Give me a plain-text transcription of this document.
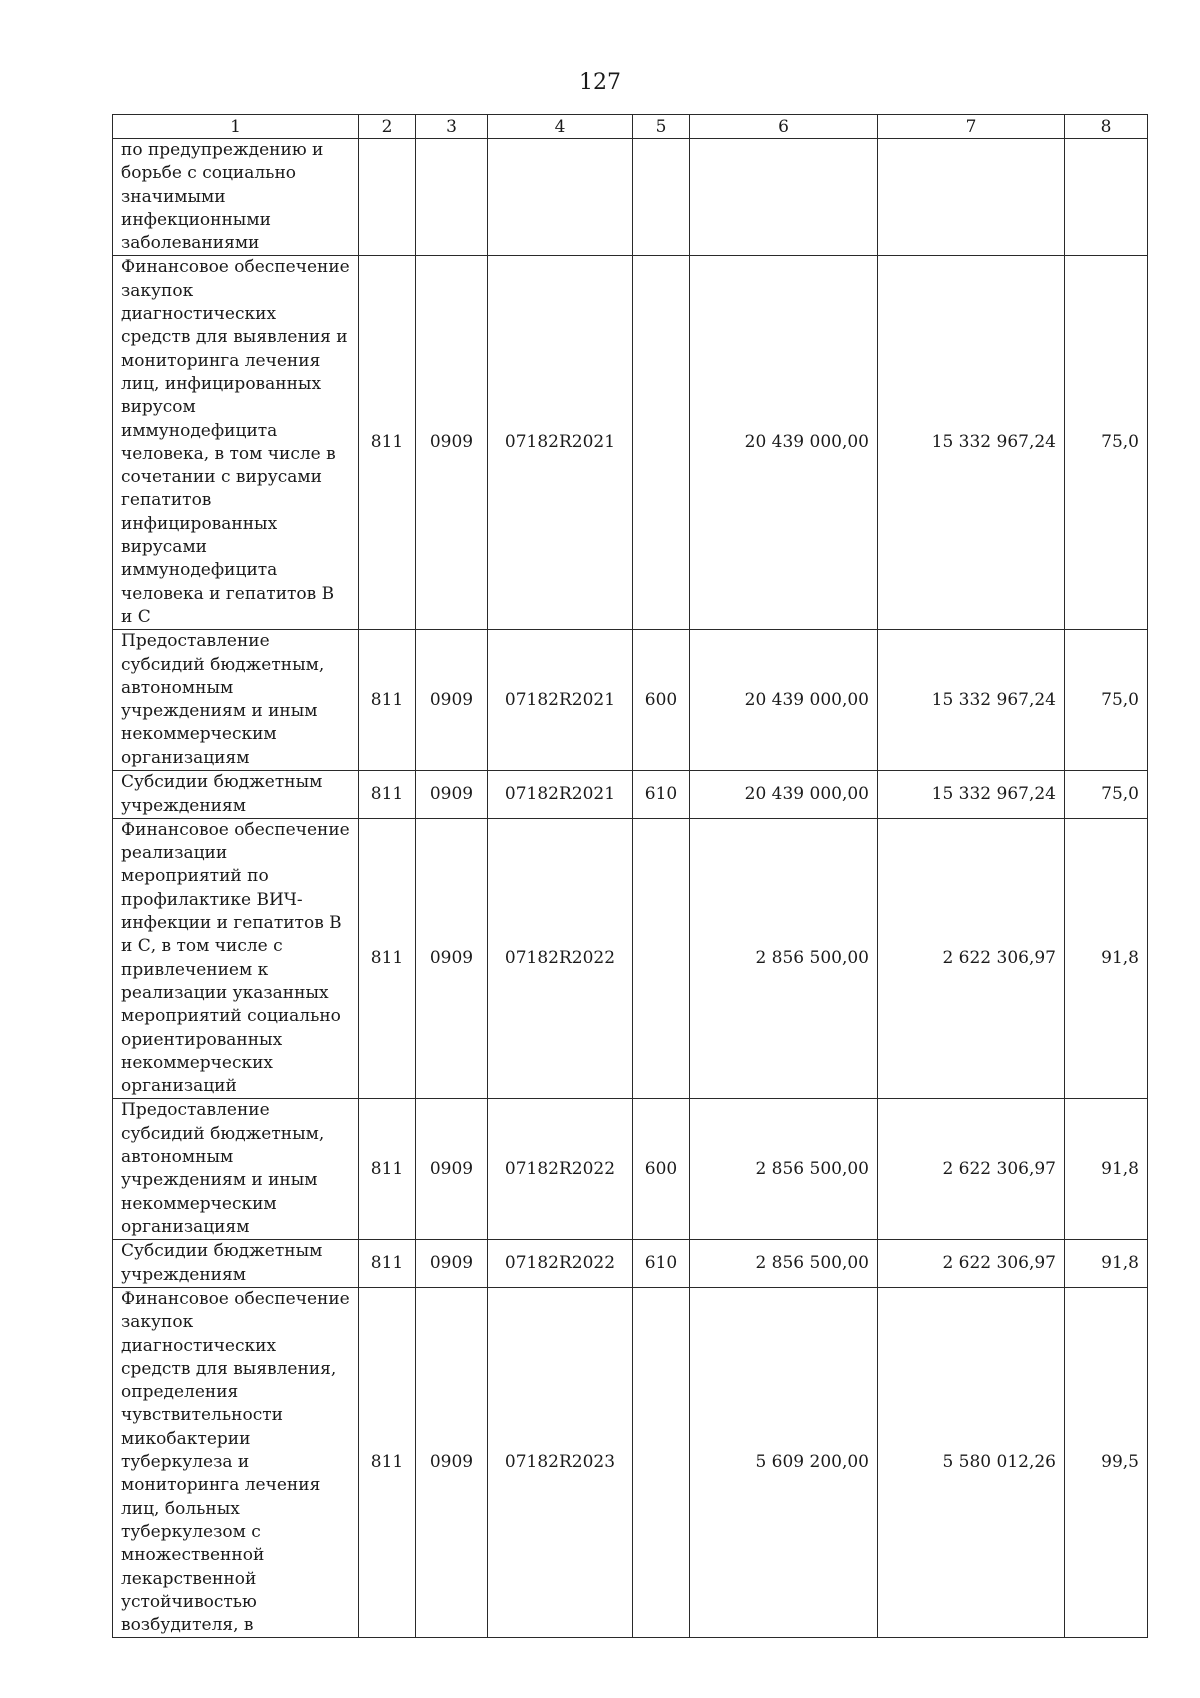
127
1	2	3	4	5	6	7	8
по предупреждению и борьбе с социально значимыми инфекционными заболеваниями							
Финансовое обеспечение закупок диагностических средств для выявления и мониторинга лечения лиц, инфицированных вирусом иммунодефицита человека, в том числе в сочетании с вирусами гепатитов инфицированных вирусами иммунодефицита человека и гепатитов В и С	811	0909	07182R2021		20 439 000,00	15 332 967,24	75,0
Предоставление субсидий бюджетным, автономным учреждениям и иным некоммерческим организациям	811	0909	07182R2021	600	20 439 000,00	15 332 967,24	75,0
Субсидии бюджетным учреждениям	811	0909	07182R2021	610	20 439 000,00	15 332 967,24	75,0
Финансовое обеспечение реализации мероприятий по профилактике ВИЧ-инфекции и гепатитов В и С, в том числе с привлечением к реализации указанных мероприятий социально ориентированных некоммерческих организаций	811	0909	07182R2022		2 856 500,00	2 622 306,97	91,8
Предоставление субсидий бюджетным, автономным учреждениям и иным некоммерческим организациям	811	0909	07182R2022	600	2 856 500,00	2 622 306,97	91,8
Субсидии бюджетным учреждениям	811	0909	07182R2022	610	2 856 500,00	2 622 306,97	91,8
Финансовое обеспечение закупок диагностических средств для выявления, определения чувствительности микобактерии туберкулеза и мониторинга лечения лиц, больных туберкулезом с множественной лекарственной устойчивостью возбудителя, в	811	0909	07182R2023		5 609 200,00	5 580 012,26	99,5
